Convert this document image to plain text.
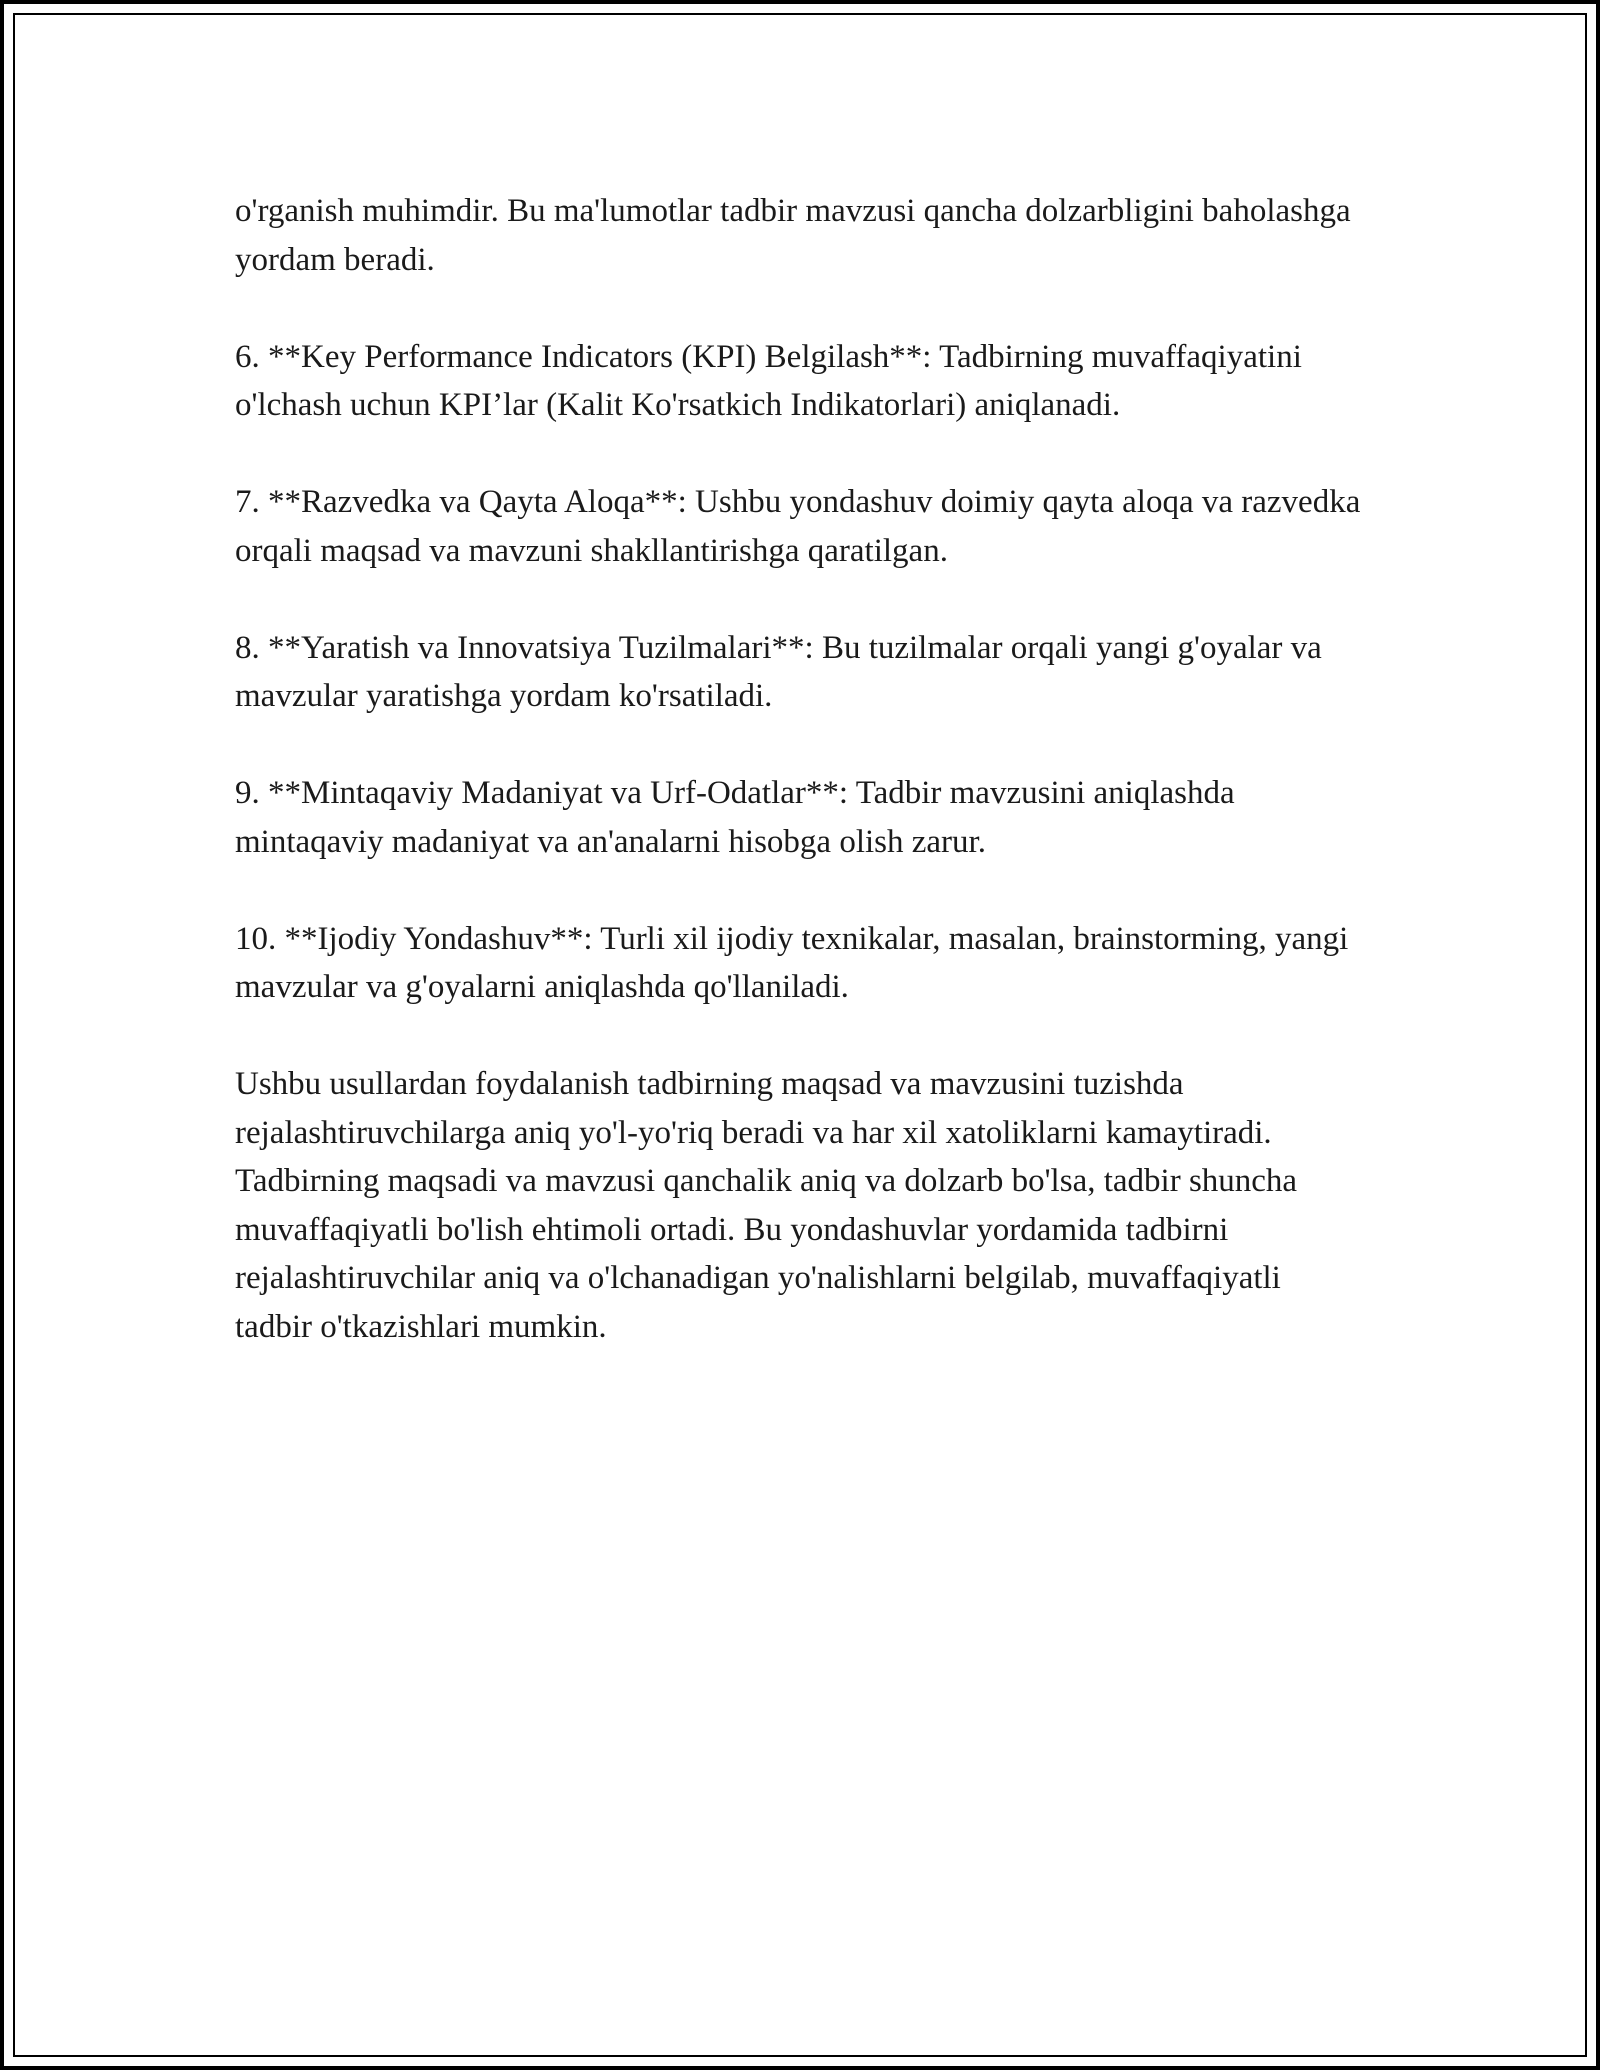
o'rganish muhimdir. Bu ma'lumotlar tadbir mavzusi qancha dolzarbligini baholashga yordam beradi.

6. **Key Performance Indicators (KPI) Belgilash**: Tadbirning muvaffaqiyatini o'lchash uchun KPI’lar (Kalit Ko'rsatkich Indikatorlari) aniqlanadi.

7. **Razvedka va Qayta Aloqa**: Ushbu yondashuv doimiy qayta aloqa va razvedka orqali maqsad va mavzuni shakllantirishga qaratilgan.

8. **Yaratish va Innovatsiya Tuzilmalari**: Bu tuzilmalar orqali yangi g'oyalar va mavzular yaratishga yordam ko'rsatiladi.

9. **Mintaqaviy Madaniyat va Urf-Odatlar**: Tadbir mavzusini aniqlashda mintaqaviy madaniyat va an'analarni hisobga olish zarur.

10. **Ijodiy Yondashuv**: Turli xil ijodiy texnikalar, masalan, brainstorming, yangi mavzular va g'oyalarni aniqlashda qo'llaniladi.

Ushbu usullardan foydalanish tadbirning maqsad va mavzusini tuzishda rejalashtiruvchilarga aniq yo'l-yo'riq beradi va har xil xatoliklarni kamaytiradi. Tadbirning maqsadi va mavzusi qanchalik aniq va dolzarb bo'lsa, tadbir shuncha muvaffaqiyatli bo'lish ehtimoli ortadi. Bu yondashuvlar yordamida tadbirni rejalashtiruvchilar aniq va o'lchanadigan yo'nalishlarni belgilab, muvaffaqiyatli tadbir o'tkazishlari mumkin.
